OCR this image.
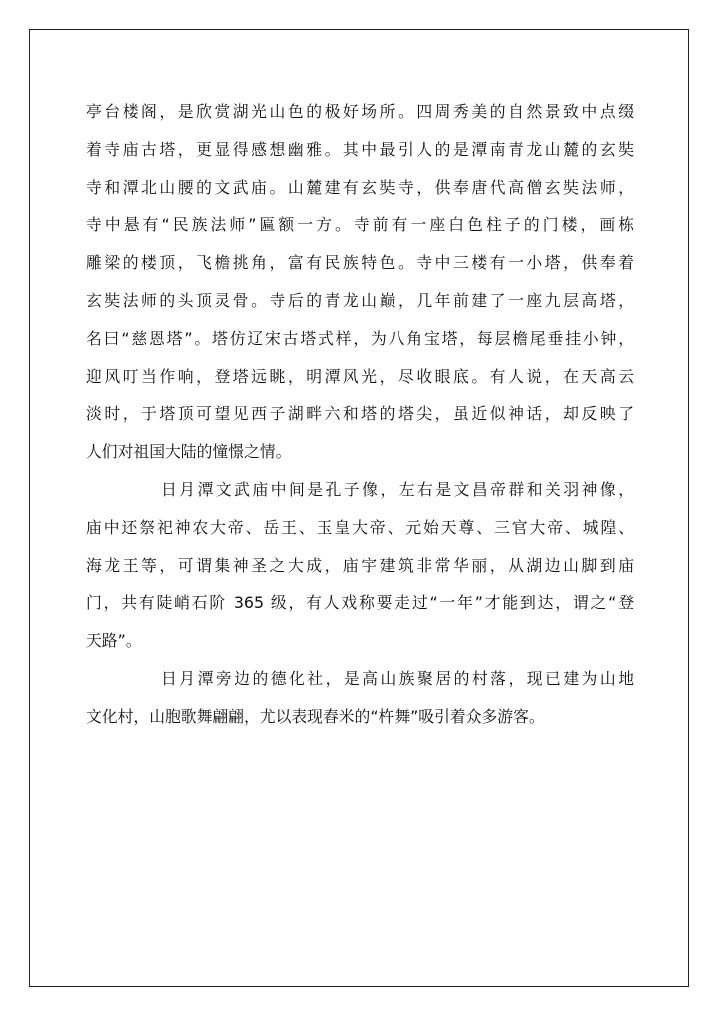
亭台楼阁，是欣赏湖光山色的极好场所。四周秀美的自然景致中点缀
着寺庙古塔，更显得感想幽雅。其中最引人的是潭南青龙山麓的玄奘
寺和潭北山腰的文武庙。山麓建有玄奘寺，供奉唐代高僧玄奘法师，
寺中悬有“民族法师”匾额一方。寺前有一座白色柱子的门楼，画栋
雕梁的楼顶，飞檐挑角，富有民族特色。寺中三楼有一小塔，供奉着
玄奘法师的头顶灵骨。寺后的青龙山巅，几年前建了一座九层高塔，
名曰“慈恩塔”。塔仿辽宋古塔式样，为八角宝塔，每层檐尾垂挂小钟，
迎风叮当作响，登塔远眺，明潭风光，尽收眼底。有人说，在天高云
淡时，于塔顶可望见西子湖畔六和塔的塔尖，虽近似神话，却反映了
人们对祖国大陆的憧憬之情。
日月潭文武庙中间是孔子像，左右是文昌帝群和关羽神像，
庙中还祭祀神农大帝、岳王、玉皇大帝、元始天尊、三官大帝、城隍、
海龙王等，可谓集神圣之大成，庙宇建筑非常华丽，从湖边山脚到庙
门，共有陡峭石阶 365 级，有人戏称要走过“一年”才能到达，谓之“登
天路”。
日月潭旁边的德化社，是高山族聚居的村落，现已建为山地
文化村，山胞歌舞翩翩，尤以表现舂米的“杵舞”吸引着众多游客。
